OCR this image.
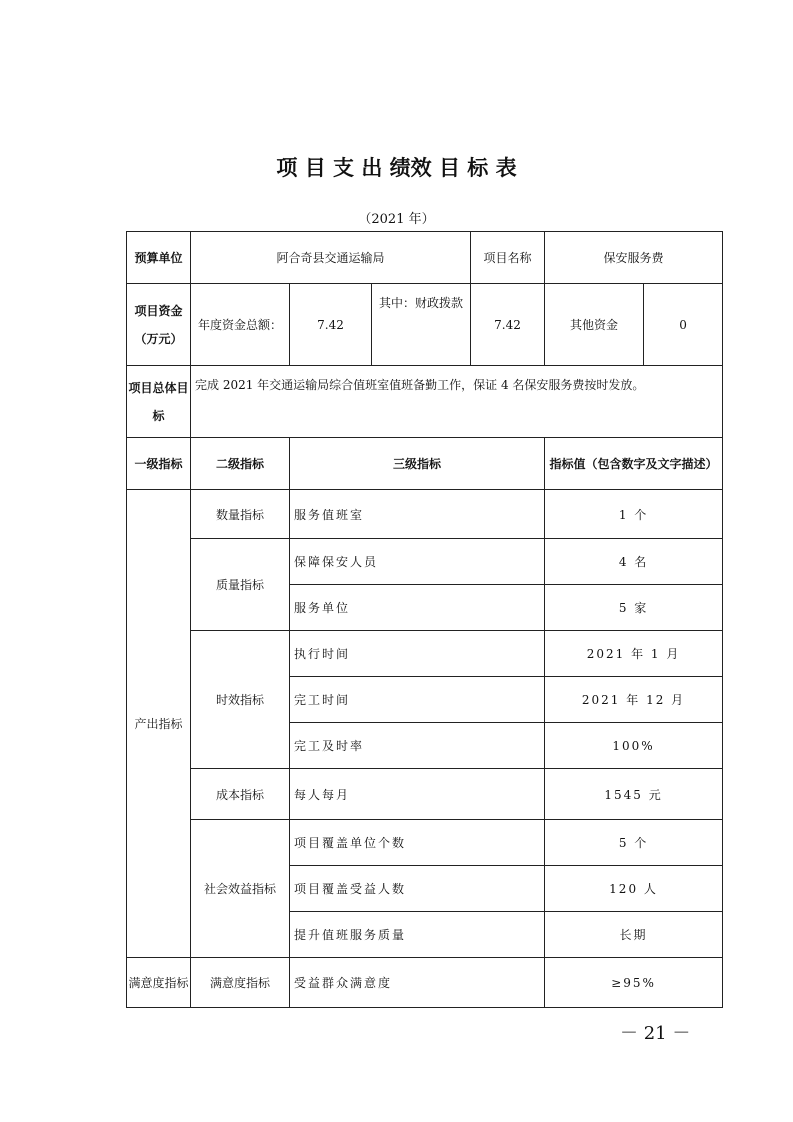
项 目 支 出 绩效 目 标 表
（2021 年）
预算单位	阿合奇县交通运输局			项目名称	保安服务费	
项目资金
（万元）	年度资金总额：	7.42	其中：财政拨款	7.42	其他资金	0
项目总体目
标	完成 2021 年交通运输局综合值班室值班备勤工作，保证 4 名保安服务费按时发放。					
一级指标	二级指标	三级指标			指标值（包含数字及文字描述）	
产出指标	数量指标	服务值班室			1 个	
	质量指标	保障保安人员			4 名	
		服务单位			5 家	
	时效指标	执行时间			2021 年 1 月	
		完工时间			2021 年 12 月	
		完工及时率			100%	
	成本指标	每人每月			1545 元	
	社会效益指标	项目覆盖单位个数			5 个	
		项目覆盖受益人数			120 人	
		提升值班服务质量			长期	
满意度指标	满意度指标	受益群众满意度			≥95%	
－ 21 －
